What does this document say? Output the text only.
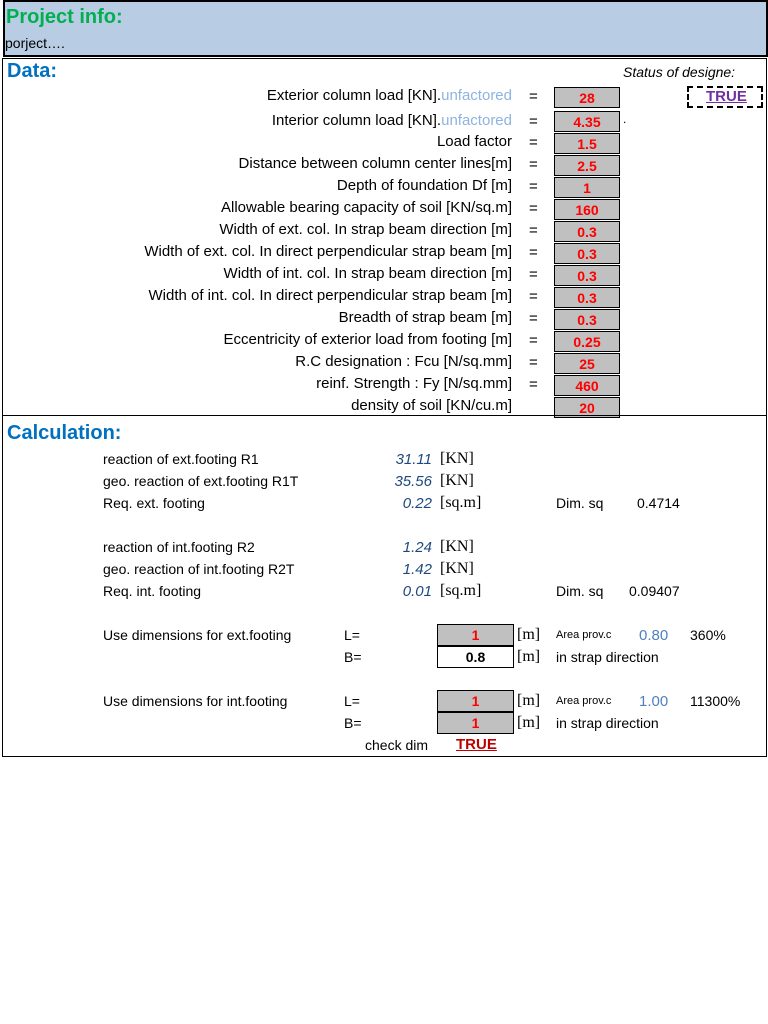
Project info:
porject….
Data:	Status of designe:
TRUE
Exterior column load [KN].unfactored =	28
Interior column load [KN].unfactored =	4.35	.
Load factor =	1.5
Distance between column center lines[m] =	2.5
Depth of foundation Df [m] =	1
Allowable bearing capacity of soil [KN/sq.m] =	160
Width of ext. col. In strap beam direction [m] =	0.3
Width of ext. col. In direct perpendicular strap beam [m] =	0.3
Width of int. col. In strap beam direction [m] =	0.3
Width of int. col. In direct perpendicular strap beam [m] =	0.3
Breadth of strap beam [m] =	0.3
Eccentricity of exterior load from footing [m] =	0.25
R.C designation : Fcu [N/sq.mm] =	25
reinf. Strength : Fy [N/sq.mm] =	460
density of soil [KN/cu.m]	20
Calculation:
reaction of ext.footing R1	31.11 [KN]
geo. reaction of ext.footing R1T	35.56 [KN]
Req. ext. footing	0.22 [sq.m]	Dim. sq 0.4714
reaction of int.footing R2	1.24 [KN]
geo. reaction of int.footing R2T	1.42 [KN]
Req. int. footing	0.01 [sq.m]	Dim. sq 0.09407
Use dimensions for ext.footing	L=	1	[m] Area prov.c 0.80 360%
B=	0.8	[m] in strap direction
Use dimensions for int.footing	L=	1	[m] Area prov.c 1.00 11300%
B=	1	[m] in strap direction
check dim TRUE
